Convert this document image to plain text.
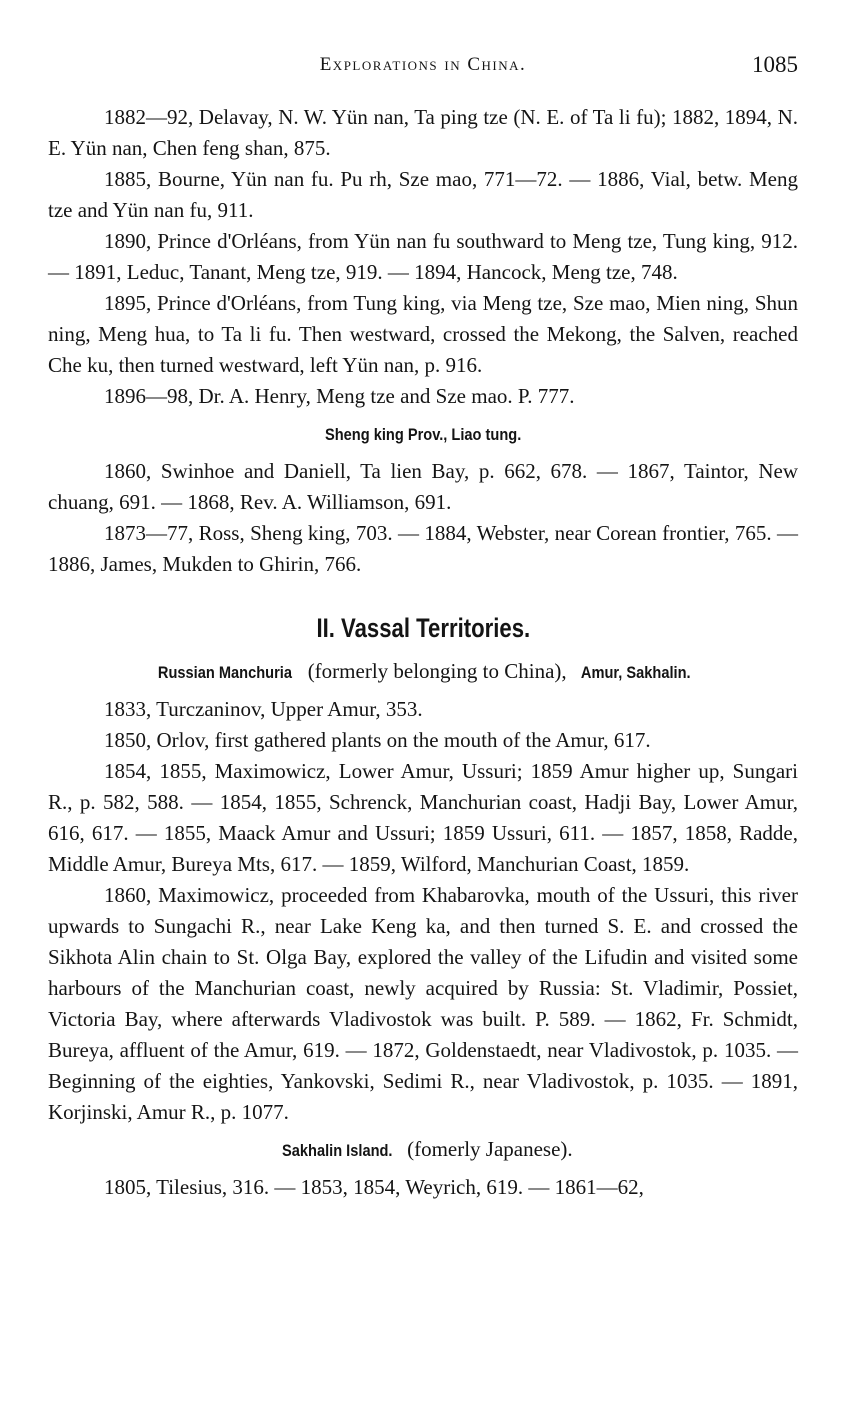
Explorations in China.	1085

1882—92, Delavay, N. W. Yün nan, Ta ping tze (N. E. of Ta li fu); 1882, 1894, N. E. Yün nan, Chen feng shan, 875.

1885, Bourne, Yün nan fu. Pu rh, Sze mao, 771—72. — 1886, Vial, betw. Meng tze and Yün nan fu, 911.

1890, Prince d'Orléans, from Yün nan fu southward to Meng tze, Tung king, 912. — 1891, Leduc, Tanant, Meng tze, 919. — 1894, Hancock, Meng tze, 748.

1895, Prince d'Orléans, from Tung king, via Meng tze, Sze mao, Mien ning, Shun ning, Meng hua, to Ta li fu. Then westward, crossed the Mekong, the Salven, reached Che ku, then turned westward, left Yün nan, p. 916.

1896—98, Dr. A. Henry, Meng tze and Sze mao. P. 777.

Sheng king Prov., Liao tung.

1860, Swinhoe and Daniell, Ta lien Bay, p. 662, 678. — 1867, Taintor, New chuang, 691. — 1868, Rev. A. Williamson, 691.

1873—77, Ross, Sheng king, 703. — 1884, Webster, near Corean frontier, 765. — 1886, James, Mukden to Ghirin, 766.

II. Vassal Territories.
Russian Manchuria (formerly belonging to China), Amur, Sakhalin.

1833, Turczaninov, Upper Amur, 353.

1850, Orlov, first gathered plants on the mouth of the Amur, 617.

1854, 1855, Maximowicz, Lower Amur, Ussuri; 1859 Amur higher up, Sungari R., p. 582, 588. — 1854, 1855, Schrenck, Manchurian coast, Hadji Bay, Lower Amur, 616, 617. — 1855, Maack Amur and Ussuri; 1859 Ussuri, 611. — 1857, 1858, Radde, Middle Amur, Bureya Mts, 617. — 1859, Wilford, Manchurian Coast, 1859.

1860, Maximowicz, proceeded from Khabarovka, mouth of the Ussuri, this river upwards to Sungachi R., near Lake Keng ka, and then turned S. E. and crossed the Sikhota Alin chain to St. Olga Bay, explored the valley of the Lifudin and visited some harbours of the Manchurian coast, newly acquired by Russia: St. Vladimir, Possiet, Victoria Bay, where afterwards Vladivostok was built. P. 589. — 1862, Fr. Schmidt, Bureya, affluent of the Amur, 619. — 1872, Goldenstaedt, near Vladivostok, p. 1035. — Beginning of the eighties, Yankovski, Sedimi R., near Vladivostok, p. 1035. — 1891, Korjinski, Amur R., p. 1077.

Sakhalin Island. (fomerly Japanese).

1805, Tilesius, 316. — 1853, 1854, Weyrich, 619. — 1861—62,
